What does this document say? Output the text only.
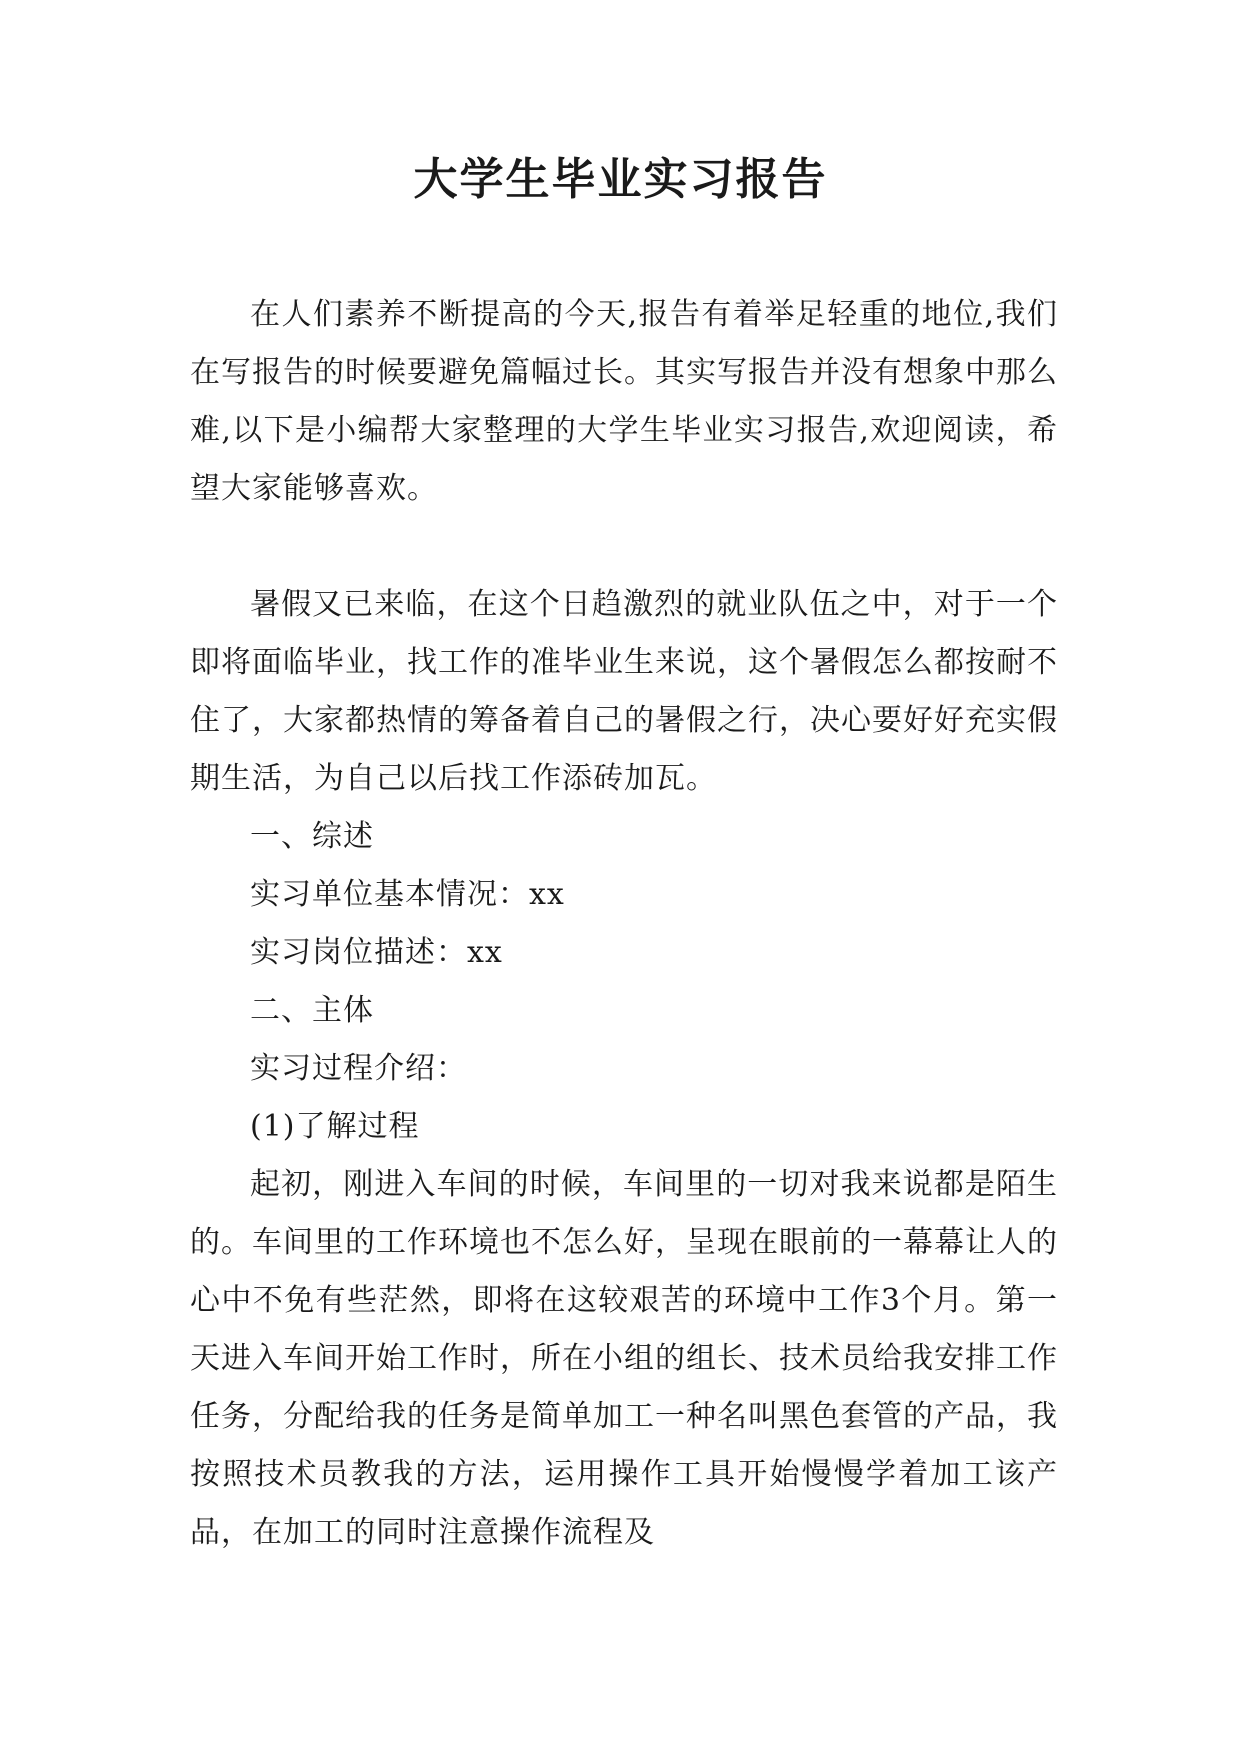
大学生毕业实习报告

在人们素养不断提高的今天,报告有着举足轻重的地位,我们在写报告的时候要避免篇幅过长。其实写报告并没有想象中那么难,以下是小编帮大家整理的大学生毕业实习报告,欢迎阅读，希望大家能够喜欢。

暑假又已来临，在这个日趋激烈的就业队伍之中，对于一个即将面临毕业，找工作的准毕业生来说，这个暑假怎么都按耐不住了，大家都热情的筹备着自己的暑假之行，决心要好好充实假期生活，为自己以后找工作添砖加瓦。

一、综述

实习单位基本情况：xx

实习岗位描述：xx

二、主体

实习过程介绍：

(1)了解过程

起初，刚进入车间的时候，车间里的一切对我来说都是陌生的。车间里的工作环境也不怎么好，呈现在眼前的一幕幕让人的心中不免有些茫然，即将在这较艰苦的环境中工作3个月。第一天进入车间开始工作时，所在小组的组长、技术员给我安排工作任务，分配给我的任务是简单加工一种名叫黑色套管的产品，我按照技术员教我的方法，运用操作工具开始慢慢学着加工该产品，在加工的同时注意操作流程及
